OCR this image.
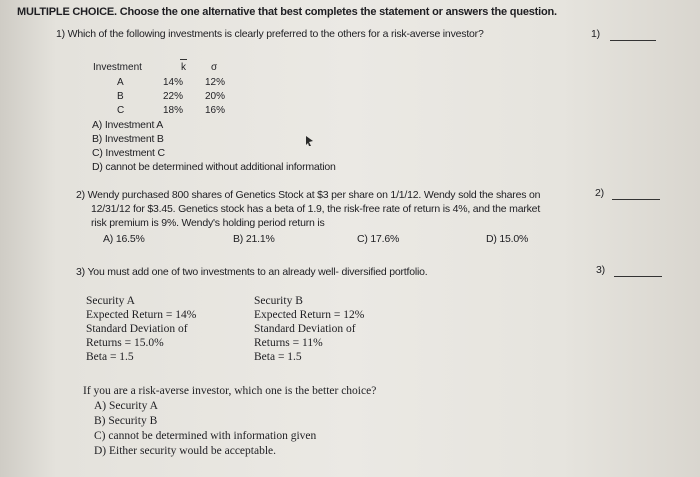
MULTIPLE CHOICE. Choose the one alternative that best completes the statement or answers the question.
1) Which of the following investments is clearly preferred to the others for a risk-averse investor?	1)
Investment	k	σ
A	14% 12%
B	22% 20%
C	18% 16%
A) Investment A
B) Investment B
C) Investment C
D) cannot be determined without additional information
2) Wendy purchased 800 shares of Genetics Stock at $3 per share on 1/1/12. Wendy sold the shares on
12/31/12 for $3.45. Genetics stock has a beta of 1.9, the risk-free rate of return is 4%, and the market
risk premium is 9%. Wendy's holding period return is
2)
A) 16.5%	B) 21.1%	C) 17.6%	D) 15.0%
3) You must add one of two investments to an already well- diversified portfolio.	3)
Security A
Expected Return = 14%
Standard Deviation of
Returns = 15.0%
Beta = 1.5
Security B
Expected Return = 12%
Standard Deviation of
Returns = 11%
Beta = 1.5
If you are a risk-averse investor, which one is the better choice?
A) Security A
B) Security B
C) cannot be determined with information given
D) Either security would be acceptable.
